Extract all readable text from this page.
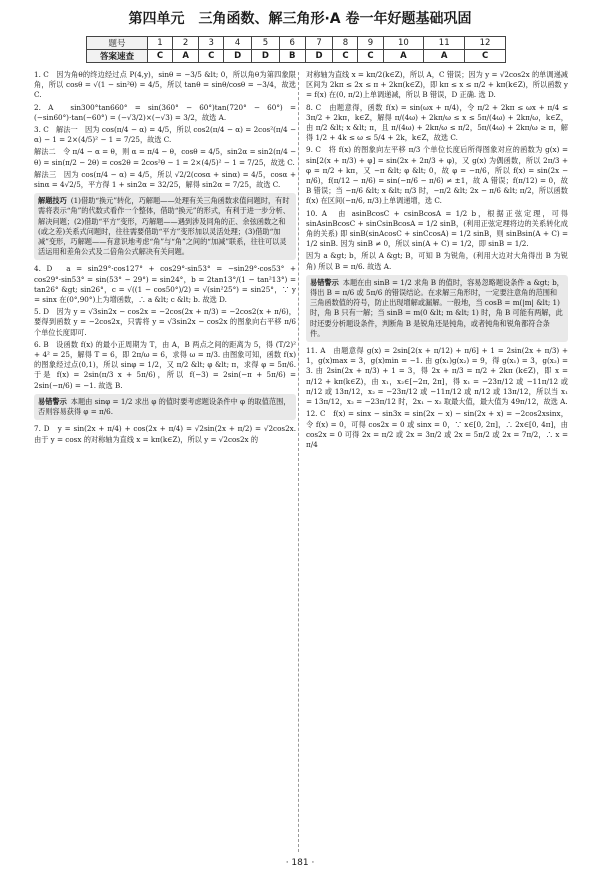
第四单元　三角函数、解三角形·A 卷一年好题基础巩固
题号	1	2	3	4	5	6	7	8	9	10	11	12
答案速查	C	A	C	D	D	B	D	C	C	A	A	C

1. C　因为角θ的终边经过点 P(4,y)，sinθ = −3/5 &lt; 0，所以角θ为第四象限角，所以 cosθ = √(1 − sin²θ) = 4/5，所以 tanθ = sinθ/cosθ = −3/4，故选 C.

2. A　sin300°tan660° = sin(360° − 60°)tan(720° − 60°) = (−sin60°)·tan(−60°) = (−√3/2)×(−√3) = 3/2，故选 A.

3. C　解法一　因为 cos(π/4 − α) = 4/5，所以 cos2(π/4 − α) = 2cos²(π/4 − α) − 1 = 2×(4/5)² − 1 = 7/25，故选 C.

解法二　令 π/4 − α = θ，则 α = π/4 − θ，cosθ = 4/5，sin2α = sin2(π/4 − θ) = sin(π/2 − 2θ) = cos2θ = 2cos²θ − 1 = 2×(4/5)² − 1 = 7/25，故选 C.

解法三　因为 cos(π/4 − α) = 4/5，所以 √2/2(cosα + sinα) = 4/5，cosα + sinα = 4√2/5，平方得 1 + sin2α = 32/25，解得 sin2α = 7/25，故选 C.

解题技巧 (1)借助“换元”转化，巧解题——处理有关三角函数求值问题时，有时需将表示“角”的代数式看作一个整体，借助“换元”的形式，有利于进一步分析、解决问题；(2)借助“平方”变形，巧解题——遇到涉及同角的正、余弦函数之和(或之差)关系式问题时，往往需要借助“平方”变形加以灵活处理；(3)借助“加减”变形，巧解题——有意识地考虑“角”与“角”之间的“加减”联系，往往可以灵活运用和差角公式及二倍角公式解决有关问题。

4. D　a = sin29°·cos127° + cos29°·sin53° = −sin29°·cos53° + cos29°·sin53° = sin(53° − 29°) = sin24°，b = 2tan13°/(1 − tan²13°) = tan26° &gt; sin26°，c = √((1 − cos50°)/2) = √(sin²25°) = sin25°，∵ y = sinx 在(0°,90°)上为增函数，∴ a &lt; c &lt; b. 故选 D.

5. D　因为 y = √3sin2x − cos2x = −2cos(2x + π/3) = −2cos2(x + π/6)，要得到函数 y = −2cos2x，只需将 y = √3sin2x − cos2x 的图象向右平移 π/6 个单位长度即可.

6. B　设函数 f(x) 的最小正周期为 T，由 A，B 两点之间的距离为 5，得 (T/2)² + 4² = 25，解得 T = 6，即 2π/ω = 6，求得 ω = π/3. 由图象可知，函数 f(x) 的图象经过点(0,1)，所以 sinφ = 1/2，又 π/2 &lt; φ &lt; π，求得 φ = 5π/6. 于是 f(x) = 2sin(π/3 x + 5π/6)，所以 f(−3) = 2sin(−π + 5π/6) = 2sin(−π/6) = −1. 故选 B.

易错警示 本题由 sinφ = 1/2 求出 φ 的值时要考虑题设条件中 φ 的取值范围，否则容易获得 φ = π/6.

7. D　y = sin(2x + π/4) + cos(2x + π/4) = √2sin(2x + π/2) = √2cos2x. 由于 y = cosx 的对称轴为直线 x = kπ(k∈Z)，所以 y = √2cos2x 的

对称轴为直线 x = kπ/2(k∈Z)，所以 A，C 错误；因为 y = √2cos2x 的单调递减区间为 2kπ ≤ 2x ≤ π + 2kπ(k∈Z)，即 kπ ≤ x ≤ π/2 + kπ(k∈Z)，所以函数 y = f(x) 在(0, π/2)上单调递减，所以 B 错误，D 正确. 选 D.

8. C　由题意得，函数 f(x) = sin(ωx + π/4)，令 π/2 + 2kπ ≤ ωx + π/4 ≤ 3π/2 + 2kπ，k∈Z，解得 π/(4ω) + 2kπ/ω ≤ x ≤ 5π/(4ω) + 2kπ/ω，k∈Z，由 π/2 &lt; x &lt; π，且 π/(4ω) + 2kπ/ω ≤ π/2，5π/(4ω) + 2kπ/ω ≥ π，解得 1/2 + 4k ≤ ω ≤ 5/4 + 2k，k∈Z，故选 C.

9. C　将 f(x) 的图象向左平移 π/3 个单位长度后所得图象对应的函数为 g(x) = sin[2(x + π/3) + φ] = sin(2x + 2π/3 + φ)，又 g(x) 为偶函数，所以 2π/3 + φ = π/2 + kπ，又 −π &lt; φ &lt; 0，故 φ = −π/6，所以 f(x) = sin(2x − π/6)，f(π/12 − π/6) = sin(−π/6 − π/6) ≠ ±1，故 A 错误；f(π/12) = 0，故 B 错误；当 −π/6 &lt; x &lt; π/3 时，−π/2 &lt; 2x − π/6 &lt; π/2，所以函数 f(x) 在区间(−π/6, π/3)上单调递增，选 C.

10. A　由 asinBcosC + csinBcosA = 1/2 b，根据正弦定理，可得 sinAsinBcosC + sinCsinBcosA = 1/2 sinB，(利用正弦定理将边的关系转化成角的关系) 即 sinB(sinAcosC + sinCcosA) = 1/2 sinB，则 sinBsin(A + C) = 1/2 sinB. 因为 sinB ≠ 0，所以 sin(A + C) = 1/2，即 sinB = 1/2.

因为 a &gt; b，所以 A &gt; B，可知 B 为锐角，(利用大边对大角得出 B 为锐角) 所以 B = π/6. 故选 A.

易错警示 本题在由 sinB = 1/2 求角 B 的值时，容易忽略题设条件 a &gt; b，得出 B = π/6 或 5π/6 的错误结论。在求解三角形时，一定要注意角的范围和三角函数值的符号，防止出现增解或漏解。一般地，当 cosB = m(|m| &lt; 1) 时，角 B 只有一解；当 sinB = m(0 &lt; m &lt; 1) 时，角 B 可能有两解，此时还要分析题设条件，判断角 B 是锐角还是钝角，或者钝角和锐角都符合条件。

11. A　由题意得 g(x) = 2sin[2(x + π/12) + π/6] + 1 = 2sin(2x + π/3) + 1，g(x)max = 3，g(x)min = −1. 由 g(x₁)g(x₂) = 9，得 g(x₁) = 3，g(x₂) = 3. 由 2sin(2x + π/3) + 1 = 3，得 2x + π/3 = π/2 + 2kπ (k∈Z)，即 x = π/12 + kπ(k∈Z)，由 x₁，x₂∈[−2π, 2π]，得 x₁ = −23π/12 或 −11π/12 或 π/12 或 13π/12，x₂ = −23π/12 或 −11π/12 或 π/12 或 13π/12，所以当 x₁ = 13π/12，x₂ = −23π/12 时，2x₁ − x₂ 取最大值，最大值为 49π/12，故选 A.

12. C　f(x) = sinx − sin3x = sin(2x − x) − sin(2x + x) = −2cos2xsinx，令 f(x) = 0，可得 cos2x = 0 或 sinx = 0，∵ x∈[0, 2π]，∴ 2x∈[0, 4π]，由 cos2x = 0 可得 2x = π/2 或 2x = 3π/2 或 2x = 5π/2 或 2x = 7π/2，∴ x = π/4

· 181 ·
